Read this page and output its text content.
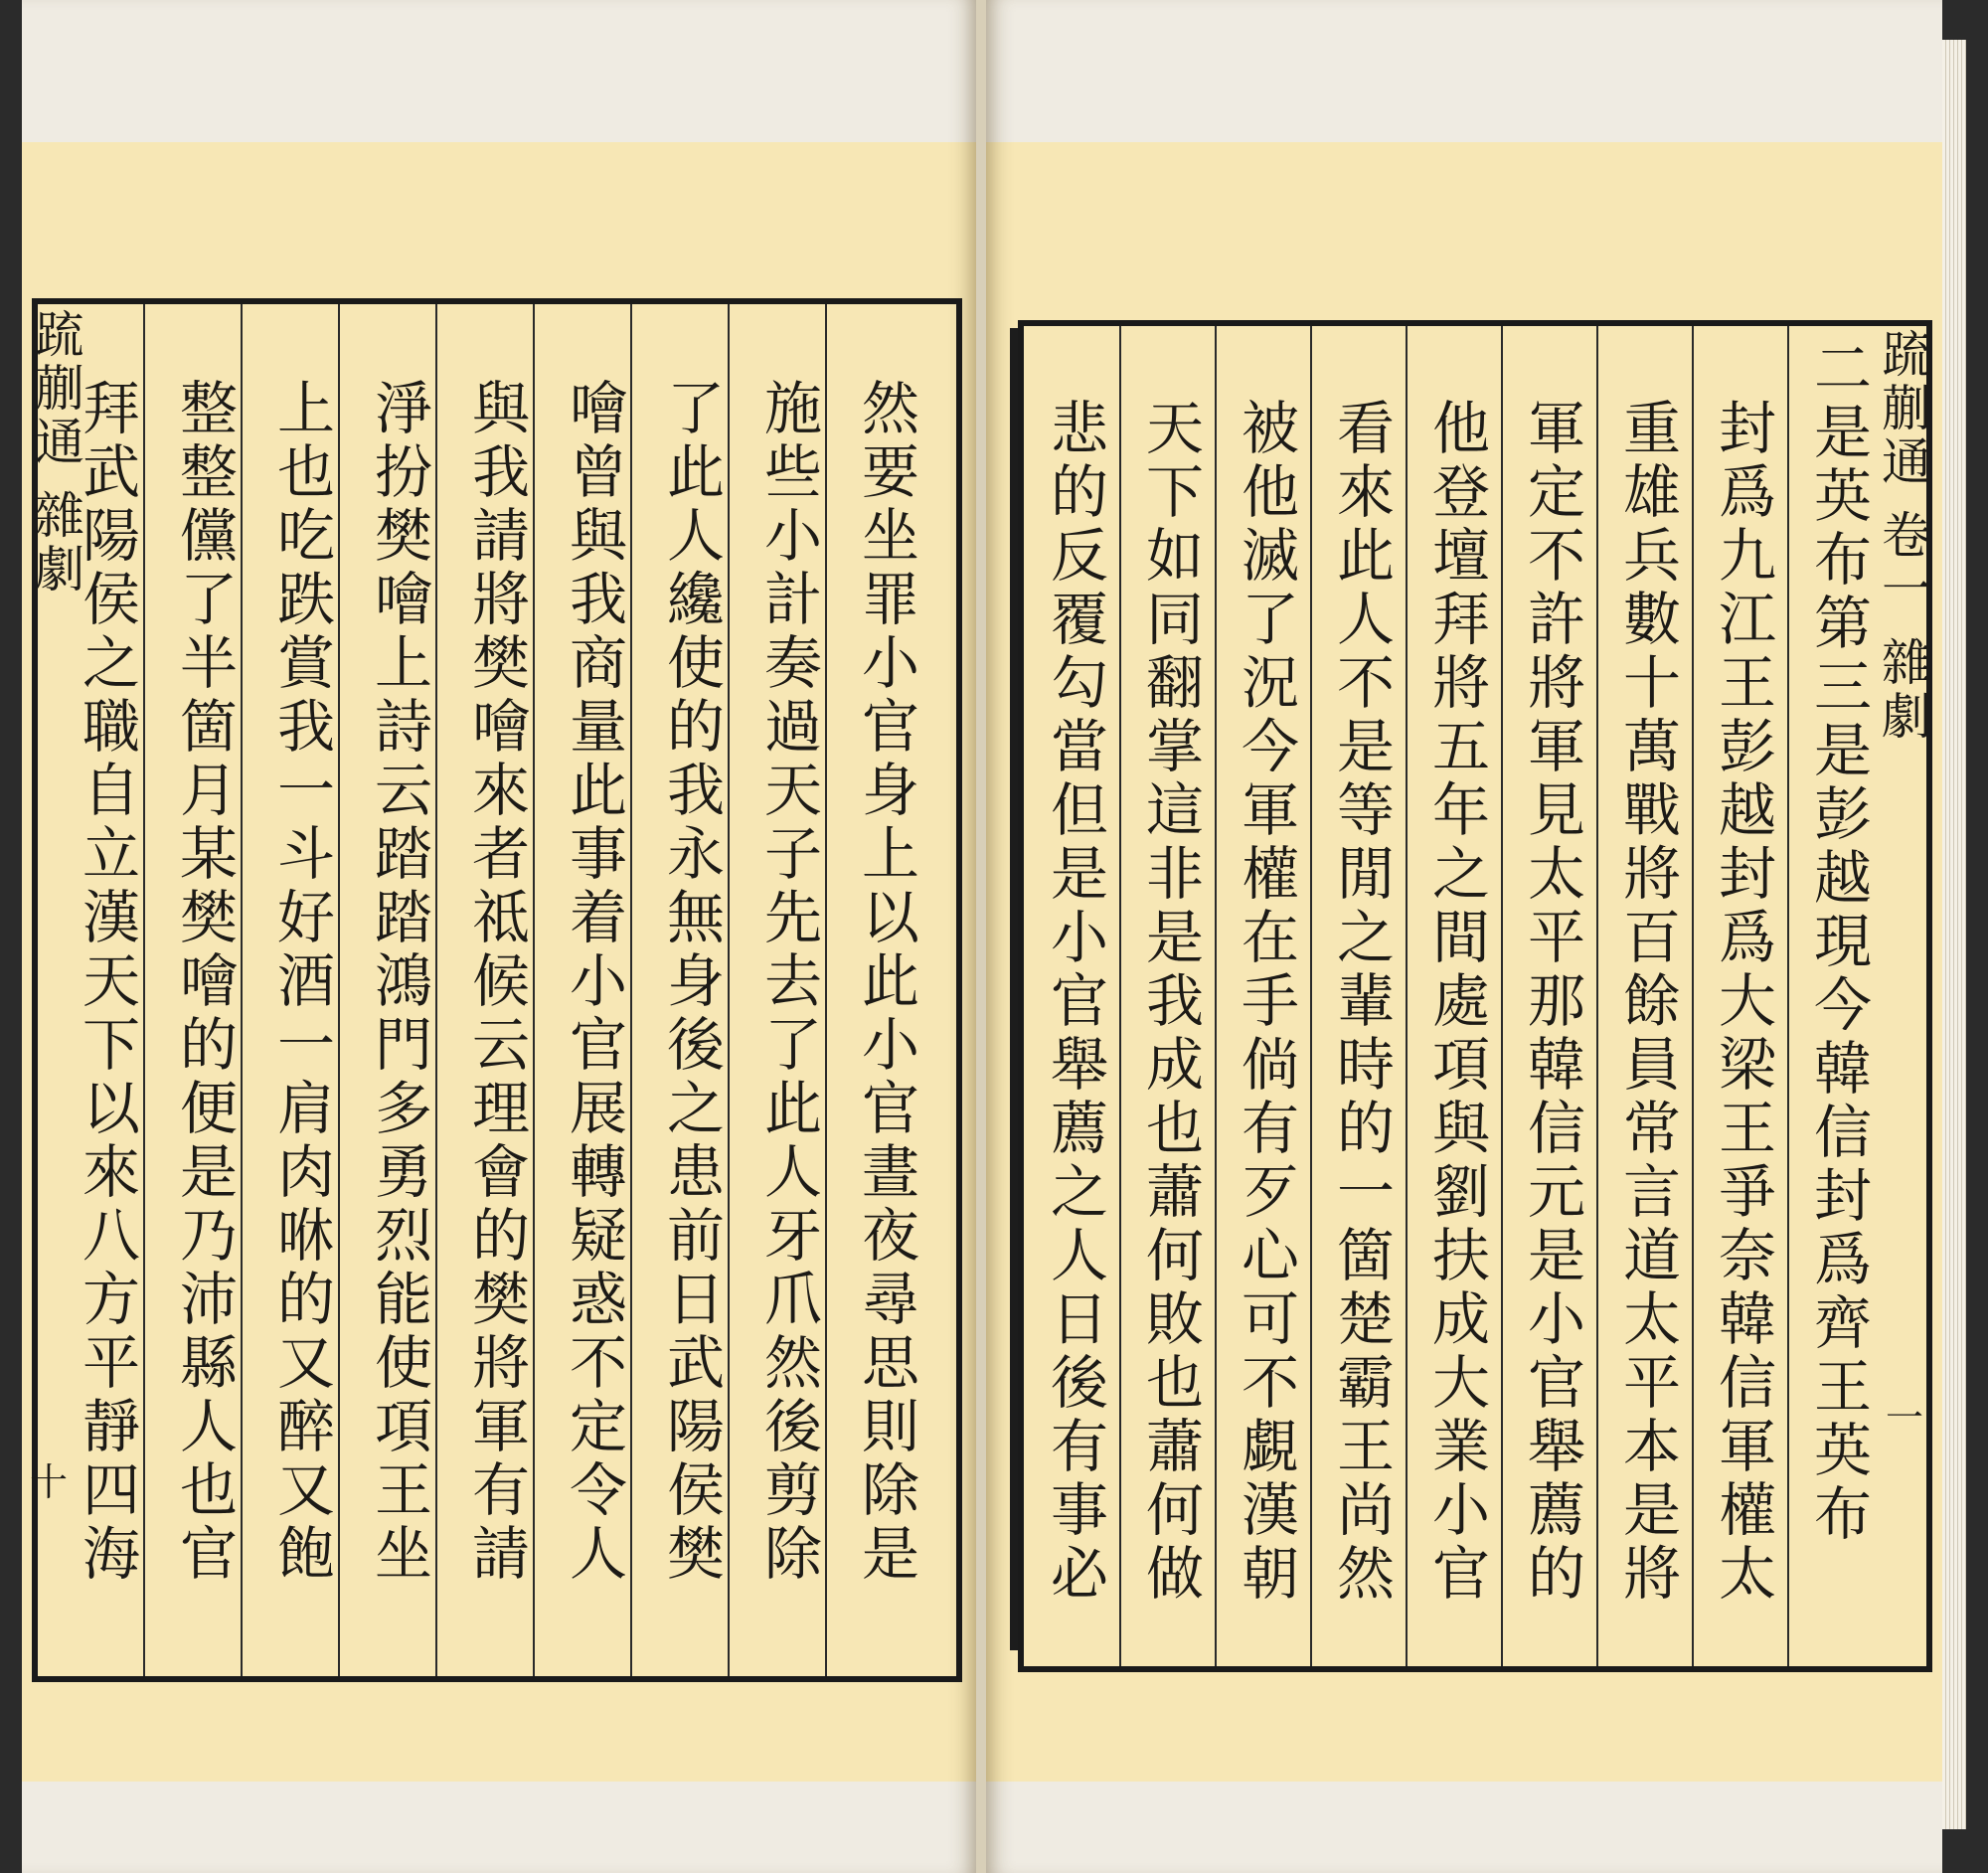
䟽蒯通 雜劇
十	然要坐罪小官身上以此小官晝夜尋思則除是
施些小計奏過天子先去了此人牙爪然後剪除
了此人纔使的我永無身後之患前日武陽侯樊
噲曾與我商量此事着小官展轉疑惑不定令人
與我請將樊噲來者祗候云理會的樊將軍有請
淨扮樊噲上詩云踏踏鴻門多勇烈能使項王坐
上也吃跌賞我一斗好酒一肩肉咻的又醉又飽
整整儻了半箇月某樊噲的便是乃沛縣人也官
拜武陽侯之職自立漢天下以來八方平靜四海	䟽蒯通 卷一 雜劇
一
二是英布第三是彭越現今韓信封爲齊王英布
封爲九江王彭越封爲大梁王爭奈韓信軍權太
重雄兵數十萬戰將百餘員常言道太平本是將
軍定不許將軍見太平那韓信元是小官舉薦的
他登壇拜將五年之間處項與劉扶成大業小官
看來此人不是等閒之輩時的一箇楚霸王尚然
被他滅了況今軍權在手倘有歹心可不覷漢朝
天下如同翻掌這非是我成也蕭何敗也蕭何做
悲的反覆勾當但是小官舉薦之人日後有事必
